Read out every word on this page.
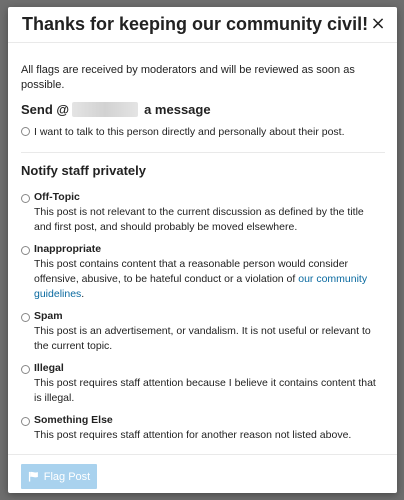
Thanks for keeping our community civil! ×

All flags are received by moderators and will be reviewed as soon as possible.

Send @	a message
I want to talk to this person directly and personally about their post.
Notify staff privately
Off-Topic
This post is not relevant to the current discussion as defined by the title and first post, and should probably be moved elsewhere.
Inappropriate
This post contains content that a reasonable person would consider offensive, abusive, to be hateful conduct or a violation of our community guidelines.
Spam
This post is an advertisement, or vandalism. It is not useful or relevant to the current topic.
Illegal
This post requires staff attention because I believe it contains content that is illegal.
Something Else
This post requires staff attention for another reason not listed above.
Flag Post
